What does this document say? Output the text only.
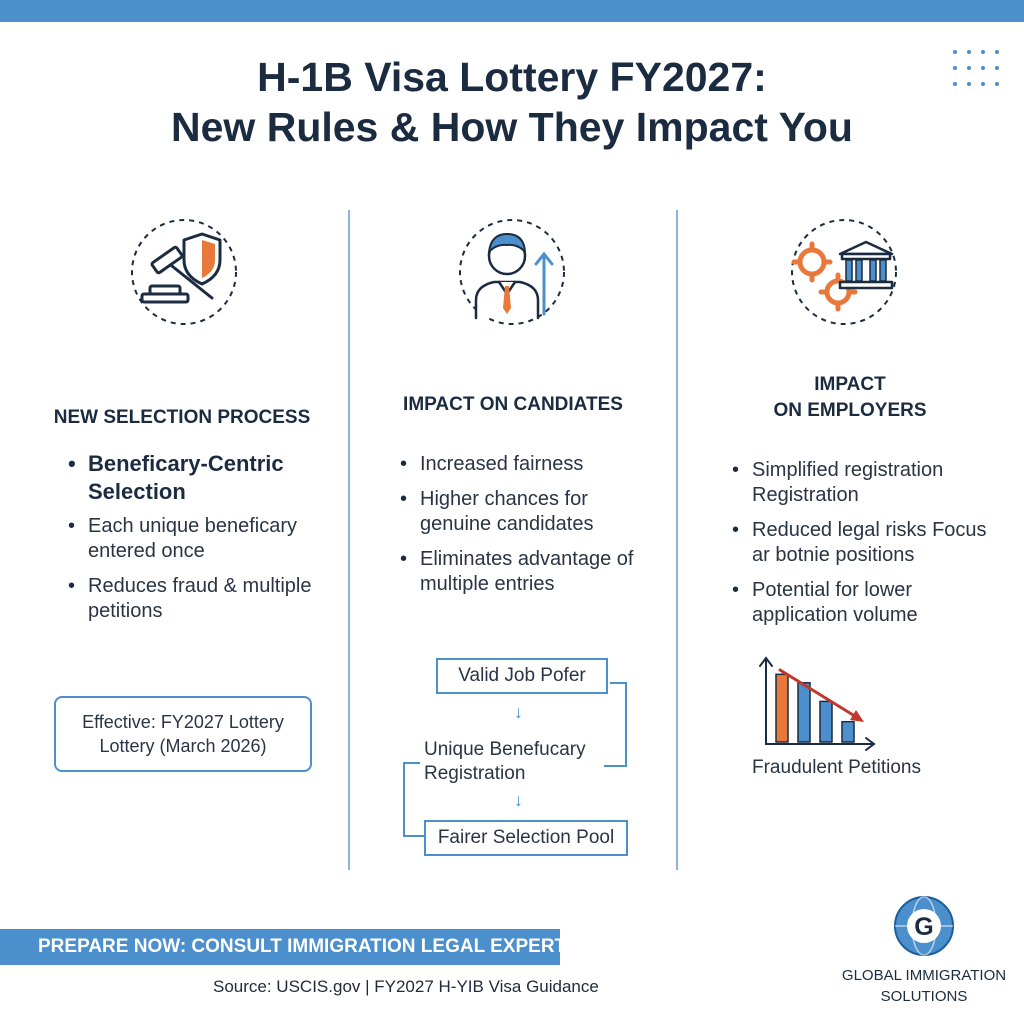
H-1B Visa Lottery FY2027:
New Rules & How They Impact You
NEW SELECTION PROCESS
• Beneficary-Centric Selection
• Each unique beneficary entered once
• Reduces fraud & multiple petitions
Effective: FY2027 Lottery
Lottery (March 2026)
IMPACT ON CANDIATES
• Increased fairness
• Higher chances for genuine candidates
• Eliminates advantage of multiple entries
Valid Job Pofer
↓
Unique Benefucary
Registration
↓
Fairer Selection Pool
IMPACT
ON EMPLOYERS
• Simplified registration Registration
• Reduced legal risks Focus ar botnie positions
• Potential for lower application volume
Fraudulent Petitions
PREPARE NOW: CONSULT IMMIGRATION LEGAL EXPERTS
Source: USCIS.gov | FY2027 H-YIB Visa Guidance
G
GLOBAL IMMIGRATION
SOLUTIONS
